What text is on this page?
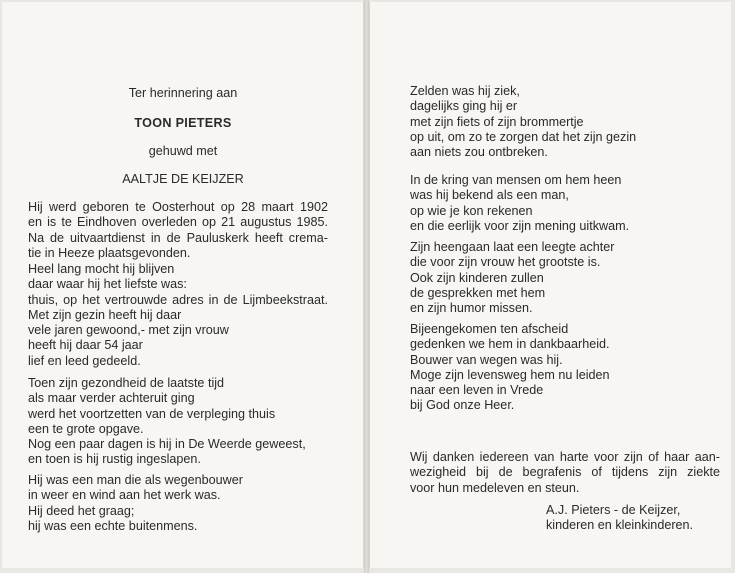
Ter herinnering aan
TOON PIETERS
gehuwd met
AALTJE DE KEIJZER
Hij werd geboren te Oosterhout op 28 maart 1902
en is te Eindhoven overleden op 21 augustus 1985.
Na de uitvaartdienst in de Pauluskerk heeft crema-
tie in Heeze plaatsgevonden.
Heel lang mocht hij blijven
daar waar hij het liefste was:
thuis, op het vertrouwde adres in de Lijmbeekstraat.
Met zijn gezin heeft hij daar
vele jaren gewoond,- met zijn vrouw
heeft hij daar 54 jaar
lief en leed gedeeld.
Toen zijn gezondheid de laatste tijd
als maar verder achteruit ging
werd het voortzetten van de verpleging thuis
een te grote opgave.
Nog een paar dagen is hij in De Weerde geweest,
en toen is hij rustig ingeslapen.
Hij was een man die als wegenbouwer
in weer en wind aan het werk was.
Hij deed het graag;
hij was een echte buitenmens.
Zelden was hij ziek,
dagelijks ging hij er
met zijn fiets of zijn brommertje
op uit, om zo te zorgen dat het zijn gezin
aan niets zou ontbreken.
In de kring van mensen om hem heen
was hij bekend als een man,
op wie je kon rekenen
en die eerlijk voor zijn mening uitkwam.
Zijn heengaan laat een leegte achter
die voor zijn vrouw het grootste is.
Ook zijn kinderen zullen
de gesprekken met hem
en zijn humor missen.
Bijeengekomen ten afscheid
gedenken we hem in dankbaarheid.
Bouwer van wegen was hij.
Moge zijn levensweg hem nu leiden
naar een leven in Vrede
bij God onze Heer.
Wij danken iedereen van harte voor zijn of haar aan-
wezigheid bij de begrafenis of tijdens zijn ziekte
voor hun medeleven en steun.
A.J. Pieters - de Keijzer,
kinderen en kleinkinderen.
